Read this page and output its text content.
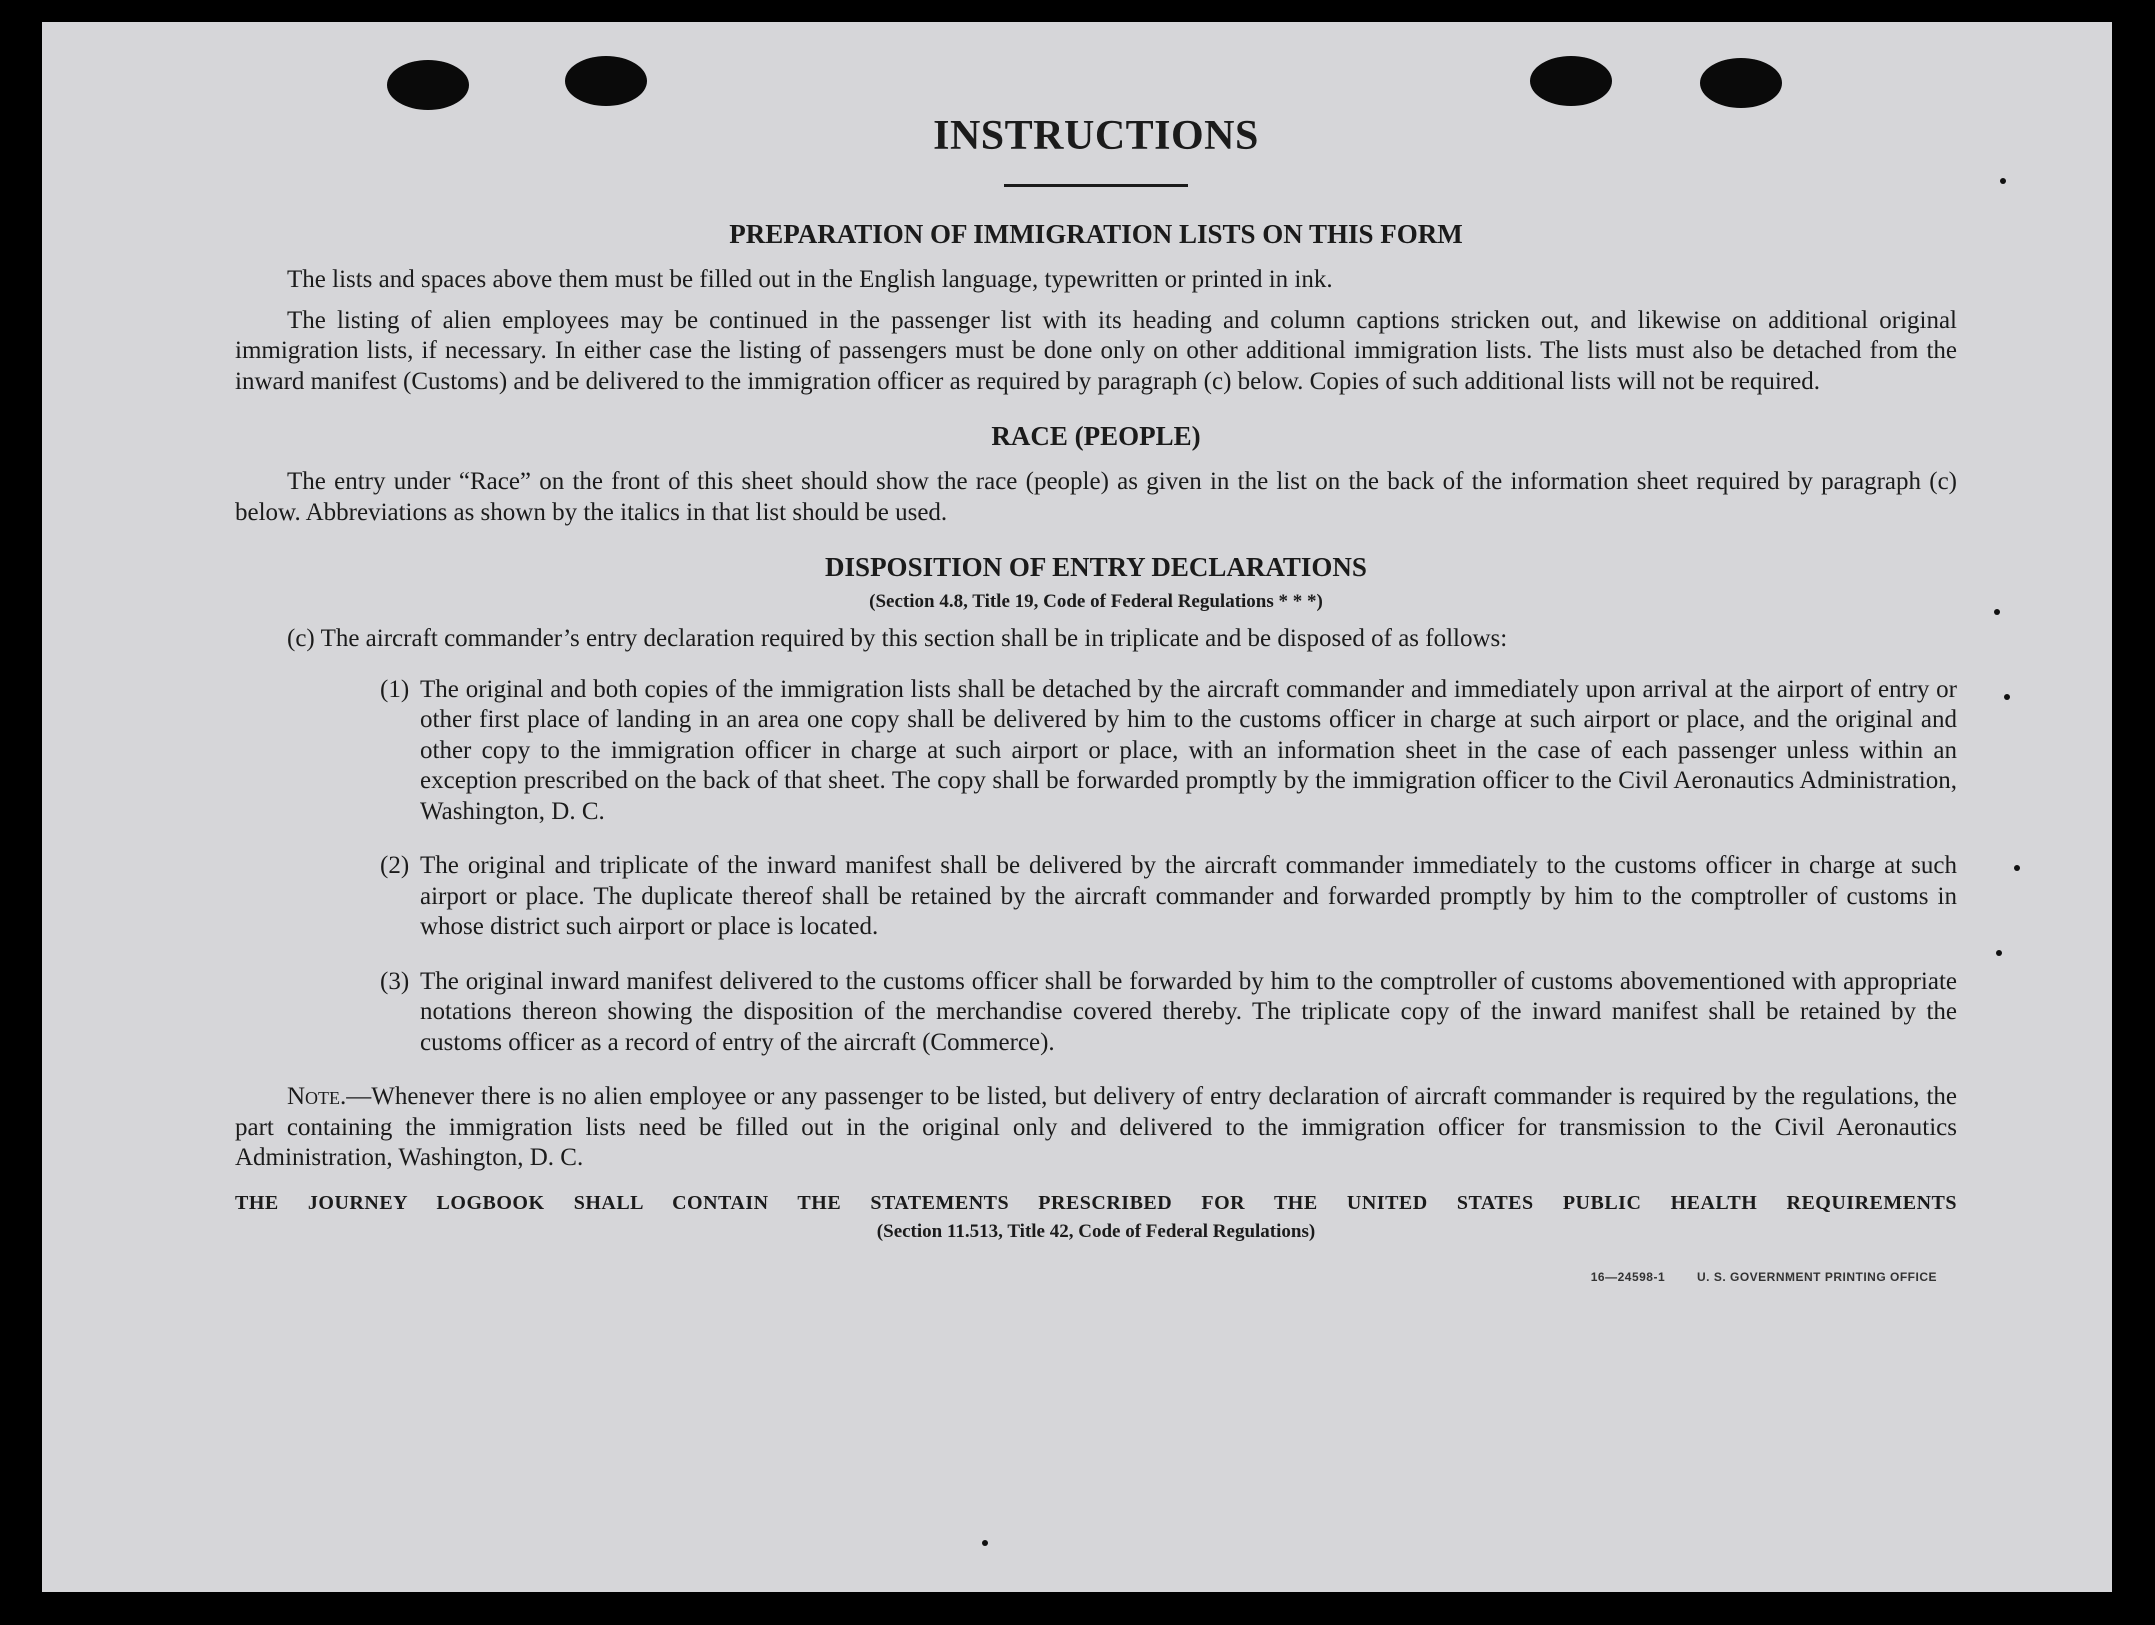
INSTRUCTIONS
PREPARATION OF IMMIGRATION LISTS ON THIS FORM

The lists and spaces above them must be filled out in the English language, typewritten or printed in ink.

The listing of alien employees may be continued in the passenger list with its heading and column captions stricken out, and likewise on additional original immigration lists, if necessary. In either case the listing of passengers must be done only on other additional immigration lists. The lists must also be detached from the inward manifest (Customs) and be delivered to the immigration officer as required by paragraph (c) below. Copies of such additional lists will not be required.

RACE (PEOPLE)

The entry under “Race” on the front of this sheet should show the race (people) as given in the list on the back of the information sheet required by paragraph (c) below. Abbreviations as shown by the italics in that list should be used.

DISPOSITION OF ENTRY DECLARATIONS
(Section 4.8, Title 19, Code of Federal Regulations * * *)

(c) The aircraft commander’s entry declaration required by this section shall be in triplicate and be disposed of as follows:

(1) The original and both copies of the immigration lists shall be detached by the aircraft commander and immediately upon arrival at the airport of entry or other first place of landing in an area one copy shall be delivered by him to the customs officer in charge at such airport or place, and the original and other copy to the immigration officer in charge at such airport or place, with an information sheet in the case of each passenger unless within an exception prescribed on the back of that sheet. The copy shall be forwarded promptly by the immigration officer to the Civil Aeronautics Administration, Washington, D. C.
(2) The original and triplicate of the inward manifest shall be delivered by the aircraft commander immediately to the customs officer in charge at such airport or place. The duplicate thereof shall be retained by the aircraft commander and forwarded promptly by him to the comptroller of customs in whose district such airport or place is located.
(3) The original inward manifest delivered to the customs officer shall be forwarded by him to the comptroller of customs abovementioned with appropriate notations thereon showing the disposition of the merchandise covered thereby. The triplicate copy of the inward manifest shall be retained by the customs officer as a record of entry of the aircraft (Commerce).

Note.—Whenever there is no alien employee or any passenger to be listed, but delivery of entry declaration of aircraft commander is required by the regulations, the part containing the immigration lists need be filled out in the original only and delivered to the immigration officer for transmission to the Civil Aeronautics Administration, Washington, D. C.

THE JOURNEY LOGBOOK SHALL CONTAIN THE STATEMENTS PRESCRIBED FOR THE UNITED STATES PUBLIC HEALTH REQUIREMENTS
(Section 11.513, Title 42, Code of Federal Regulations)
16—24598-1	U. S. GOVERNMENT PRINTING OFFICE
